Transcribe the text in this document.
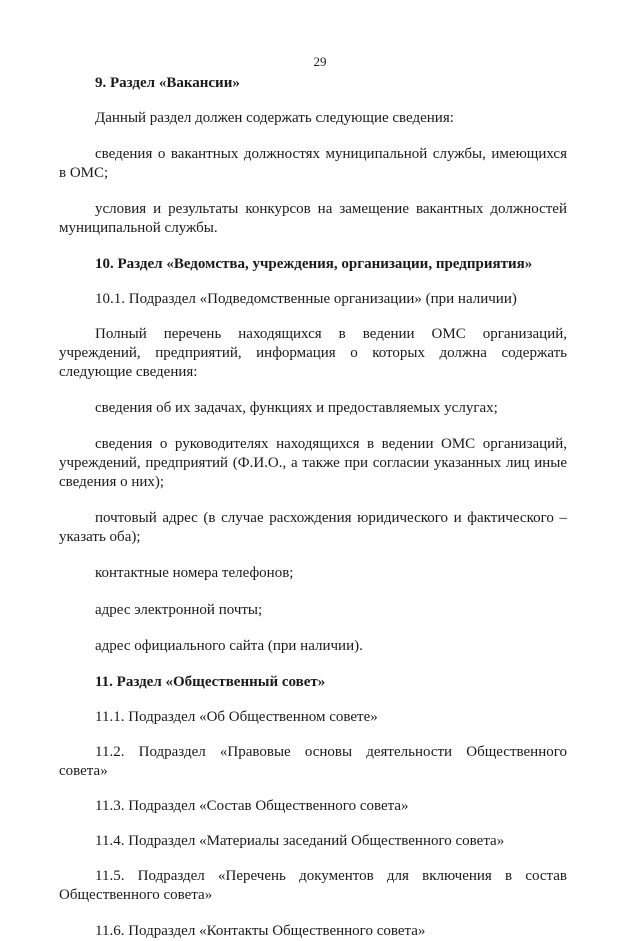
29

9. Раздел «Вакансии»

Данный раздел должен содержать следующие сведения:

сведения о вакантных должностях муниципальной службы, имеющихся в ОМС;

условия и результаты конкурсов на замещение вакантных должностей муниципальной службы.

10. Раздел «Ведомства, учреждения, организации, предприятия»

10.1. Подраздел «Подведомственные организации» (при наличии)

Полный перечень находящихся в ведении ОМС организаций, учреждений, предприятий, информация о которых должна содержать следующие сведения:

сведения об их задачах, функциях и предоставляемых услугах;

сведения о руководителях находящихся в ведении ОМС организаций, учреждений, предприятий (Ф.И.О., а также при согласии указанных лиц иные сведения о них);

почтовый адрес (в случае расхождения юридического и фактического – указать оба);

контактные номера телефонов;

адрес электронной почты;

адрес официального сайта (при наличии).

11. Раздел «Общественный совет»

11.1. Подраздел «Об Общественном совете»

11.2. Подраздел «Правовые основы деятельности Общественного совета»

11.3. Подраздел «Состав Общественного совета»

11.4. Подраздел «Материалы заседаний Общественного совета»

11.5. Подраздел «Перечень документов для включения в состав Общественного совета»

11.6. Подраздел «Контакты Общественного совета»
